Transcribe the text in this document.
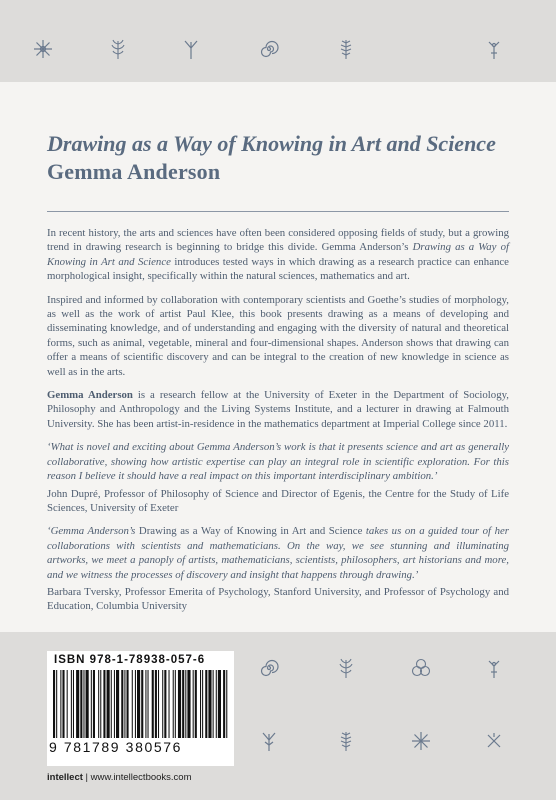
Drawing as a Way of Knowing in Art and Science
Gemma Anderson

In recent history, the arts and sciences have often been considered opposing fields of study, but a growing trend in drawing research is beginning to bridge this divide. Gemma Anderson’s Drawing as a Way of Knowing in Art and Science introduces tested ways in which drawing as a research practice can enhance morphological insight, specifically within the natural sciences, mathematics and art.

Inspired and informed by collaboration with contemporary scientists and Goethe’s studies of morphology, as well as the work of artist Paul Klee, this book presents drawing as a means of developing and disseminating knowledge, and of understanding and engaging with the diversity of natural and theoretical forms, such as animal, vegetable, mineral and four-dimensional shapes. Anderson shows that drawing can offer a means of scientific discovery and can be integral to the creation of new knowledge in science as well as in the arts.

Gemma Anderson is a research fellow at the University of Exeter in the Department of Sociology, Philosophy and Anthropology and the Living Systems Institute, and a lecturer in drawing at Falmouth University. She has been artist-in-residence in the mathematics department at Imperial College since 2011.

‘What is novel and exciting about Gemma Anderson’s work is that it presents science and art as generally collaborative, showing how artistic expertise can play an integral role in scientific exploration. For this reason I believe it should have a real impact on this important interdisciplinary ambition.’

John Dupré, Professor of Philosophy of Science and Director of Egenis, the Centre for the Study of Life Sciences, University of Exeter

‘Gemma Anderson’s Drawing as a Way of Knowing in Art and Science takes us on a guided tour of her collaborations with scientists and mathematicians. On the way, we see stunning and illuminating artworks, we meet a panoply of artists, mathematicians, scientists, philosophers, art historians and more, and we witness the processes of discovery and insight that happens through drawing.’

Barbara Tversky, Professor Emerita of Psychology, Stanford University, and Professor of Psychology and Education, Columbia University

ISBN 978-1-78938-057-6
9 781789 380576
intellect | www.intellectbooks.com
